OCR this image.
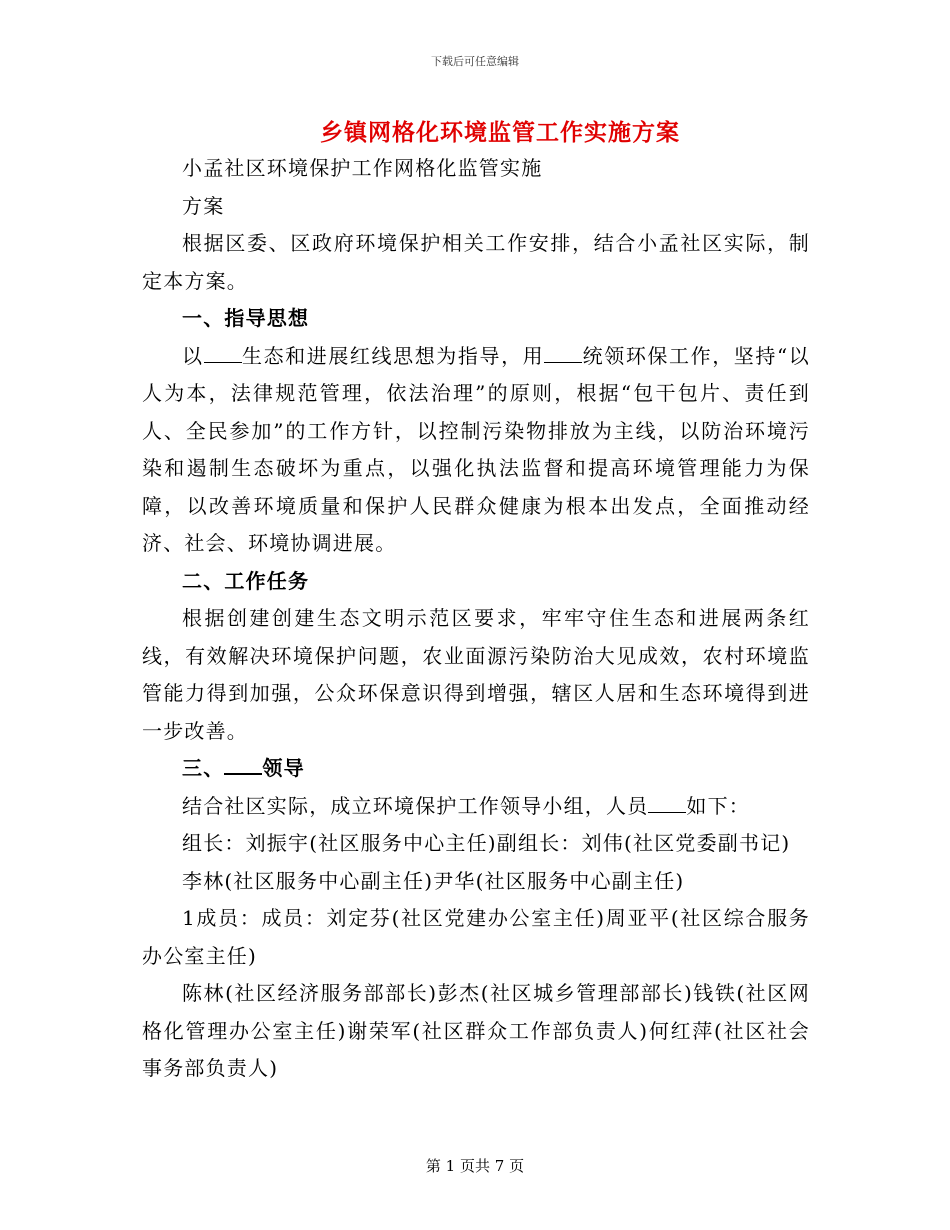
下载后可任意编辑
乡镇网格化环境监管工作实施方案

小孟社区环境保护工作网格化监管实施

方案

根据区委、区政府环境保护相关工作安排，结合小孟社区实际，制定本方案。

一、指导思想

以 生态和进展红线思想为指导，用 统领环保工作，坚持“以人为本，法律规范管理，依法治理”的原则，根据“包干包片、责任到人、全民参加”的工作方针，以控制污染物排放为主线，以防治环境污染和遏制生态破坏为重点，以强化执法监督和提高环境管理能力为保障，以改善环境质量和保护人民群众健康为根本出发点，全面推动经济、社会、环境协调进展。

二、工作任务

根据创建创建生态文明示范区要求，牢牢守住生态和进展两条红线，有效解决环境保护问题，农业面源污染防治大见成效，农村环境监管能力得到加强，公众环保意识得到增强，辖区人居和生态环境得到进一步改善。

三、 领导

结合社区实际，成立环境保护工作领导小组，人员 如下：

组长：刘振宇(社区服务中心主任)副组长：刘伟(社区党委副书记)

李林(社区服务中心副主任)尹华(社区服务中心副主任)

1成员：成员：刘定芬(社区党建办公室主任)周亚平(社区综合服务办公室主任)

陈林(社区经济服务部部长)彭杰(社区城乡管理部部长)钱铁(社区网格化管理办公室主任)谢荣军(社区群众工作部负责人)何红萍(社区社会事务部负责人)

第 1 页共 7 页
